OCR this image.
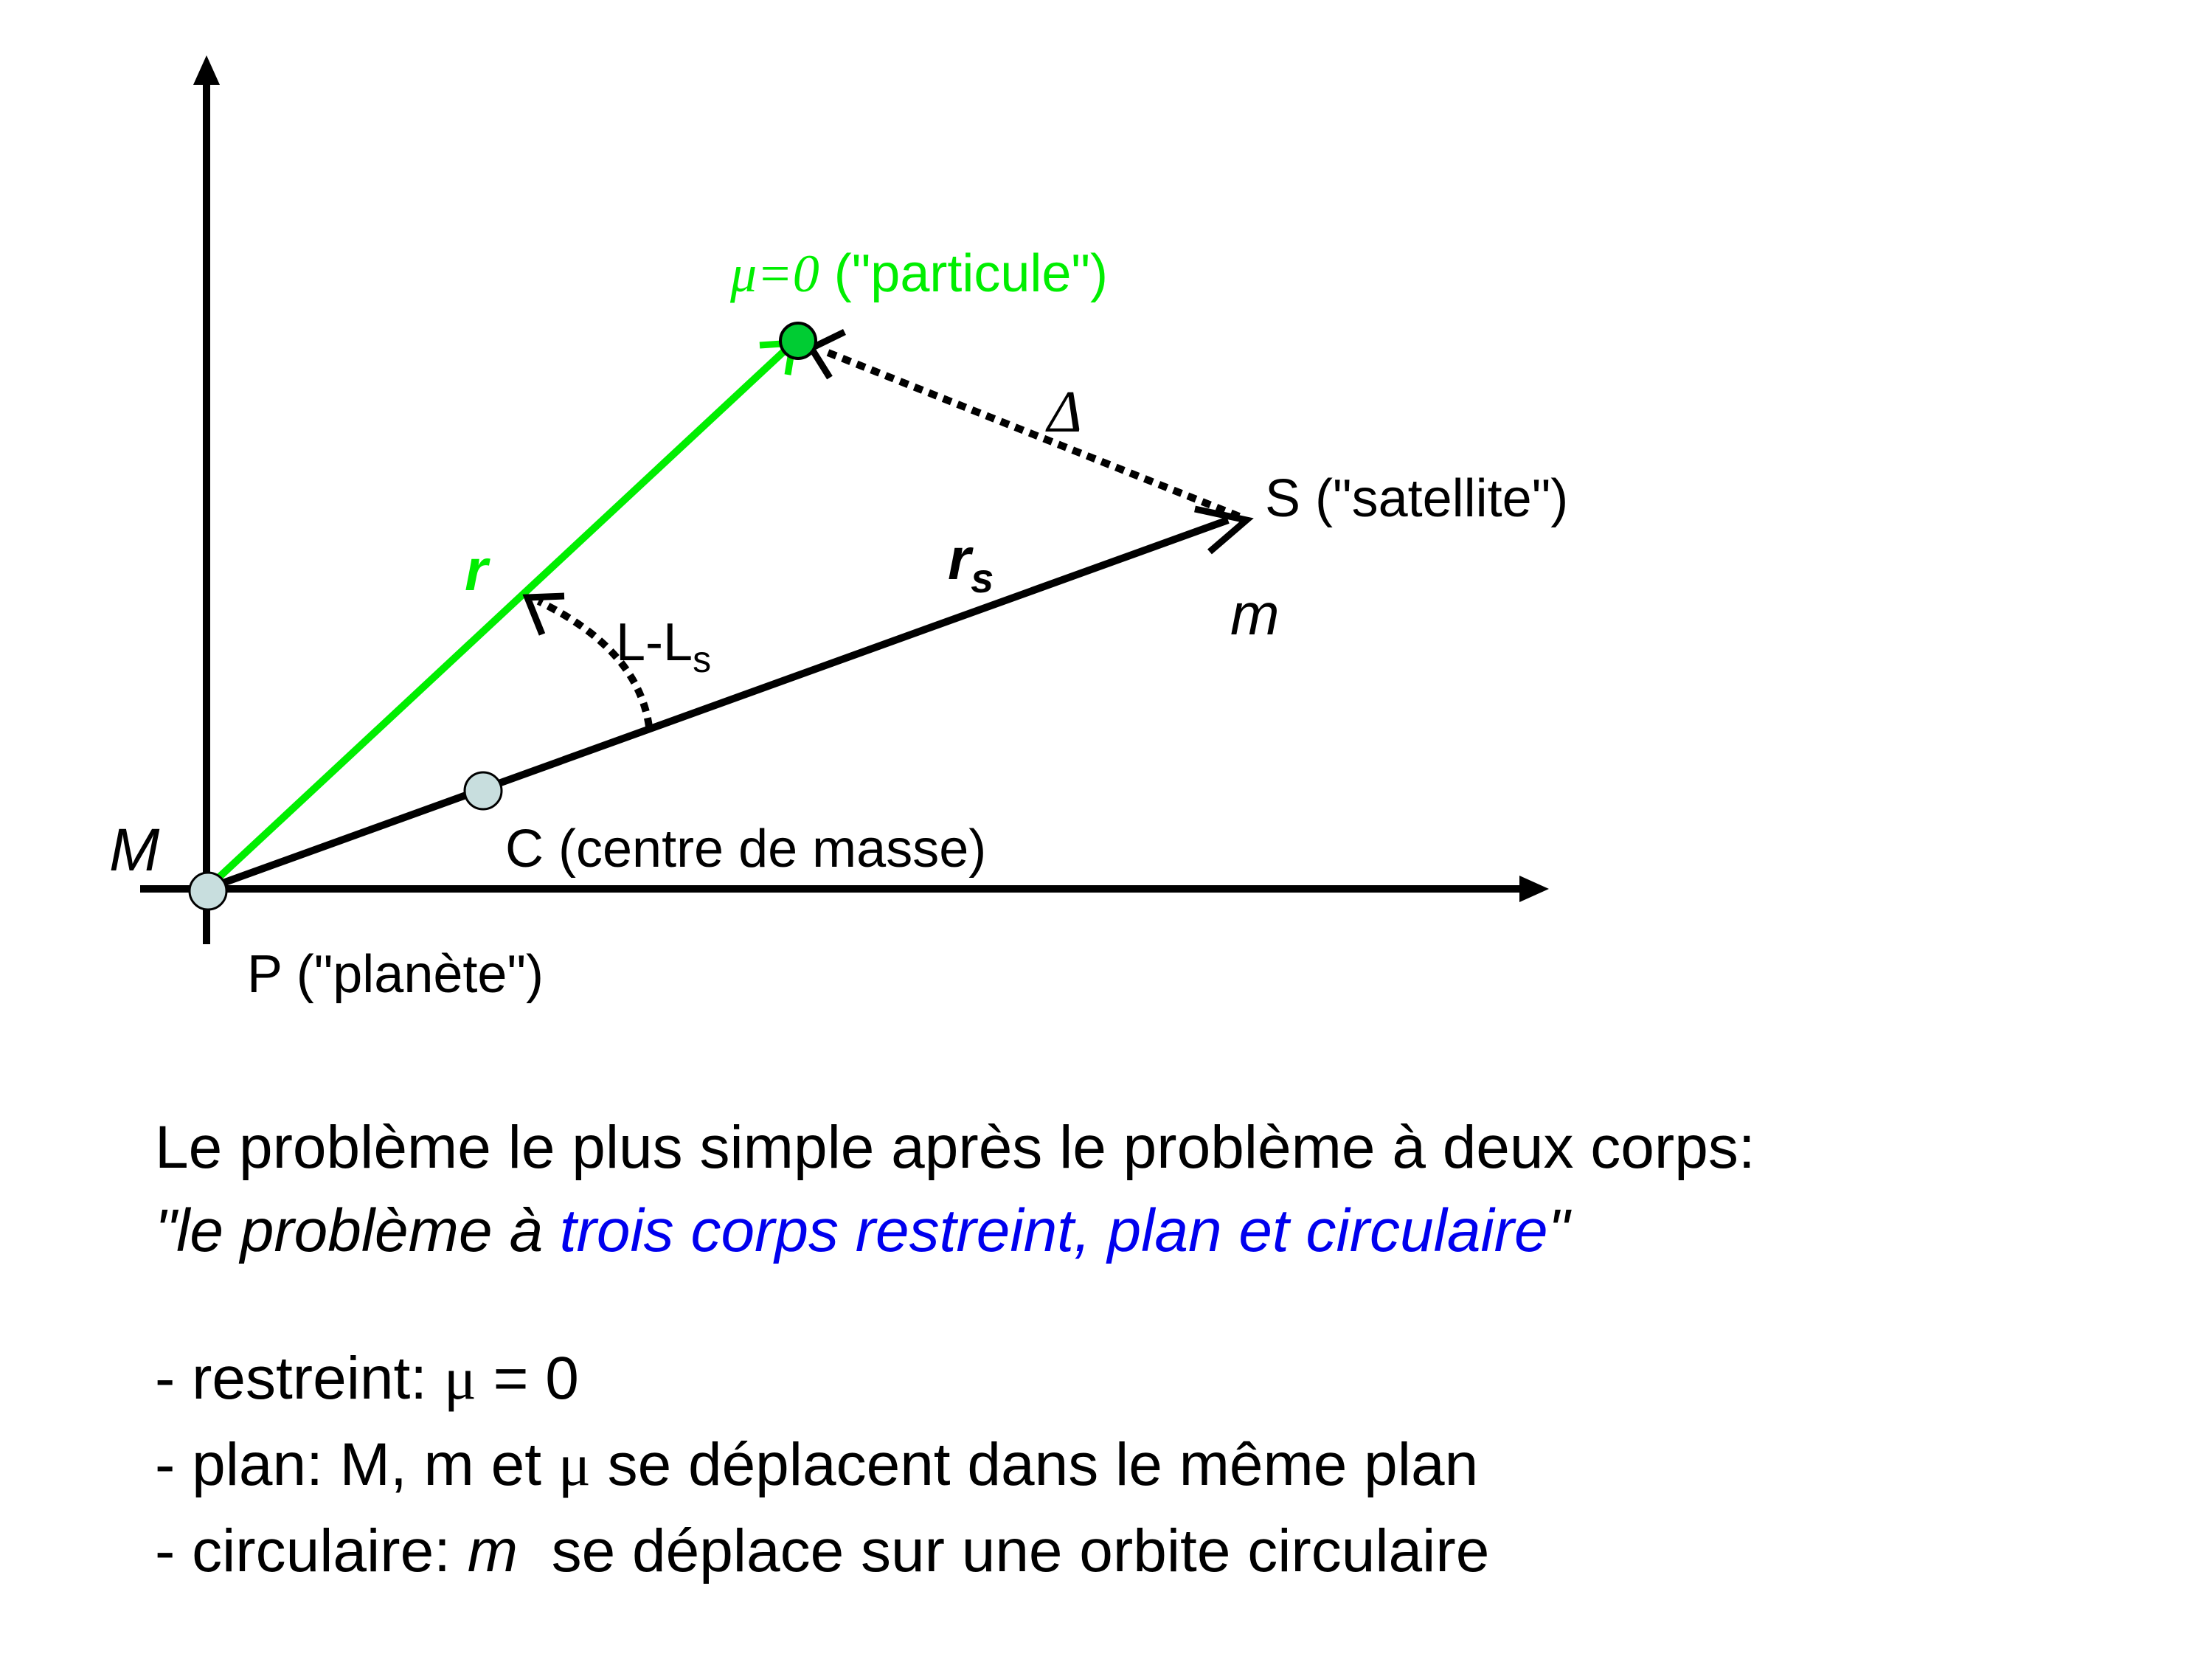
μ=0 ("particule")
Δ
S ("satellite")
r	$r_s$
m
$L-L_s$
M	C (centre de masse)
P ("planète")
Le problème le plus simple après le problème à deux corps:
"le problème à trois corps restreint, plan et circulaire"
- restreint: μ = 0
- plan: M, m et μ se déplacent dans le même plan
- circulaire: m  se déplace sur une orbite circulaire
